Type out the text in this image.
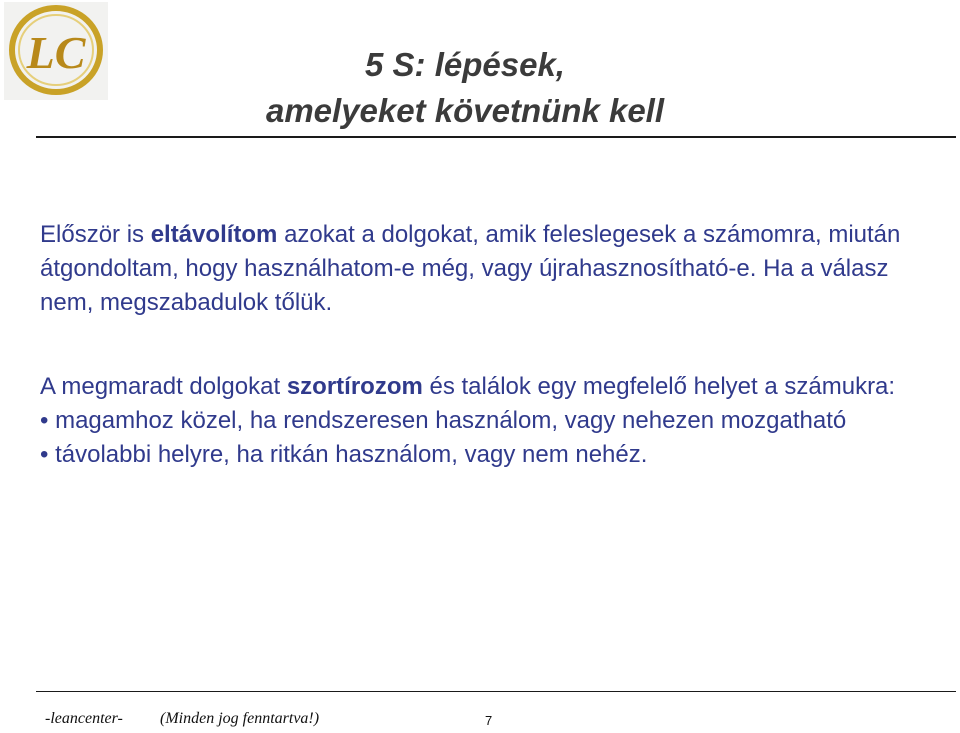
LC	5 S: lépések,
amelyeket követnünk kell

Először is eltávolítom azokat a dolgokat, amik feleslegesek a számomra, miután átgondoltam, hogy használhatom-e még, vagy újrahasznosítható-e. Ha a válasz nem, megszabadulok tőlük.

A megmaradt dolgokat szortírozom és találok egy megfelelő helyet a számukra:
• magamhoz közel, ha rendszeresen használom, vagy nehezen mozgatható
• távolabbi helyre, ha ritkán használom, vagy nem nehéz.
-leancenter- (Minden jog fenntartva!)	7
